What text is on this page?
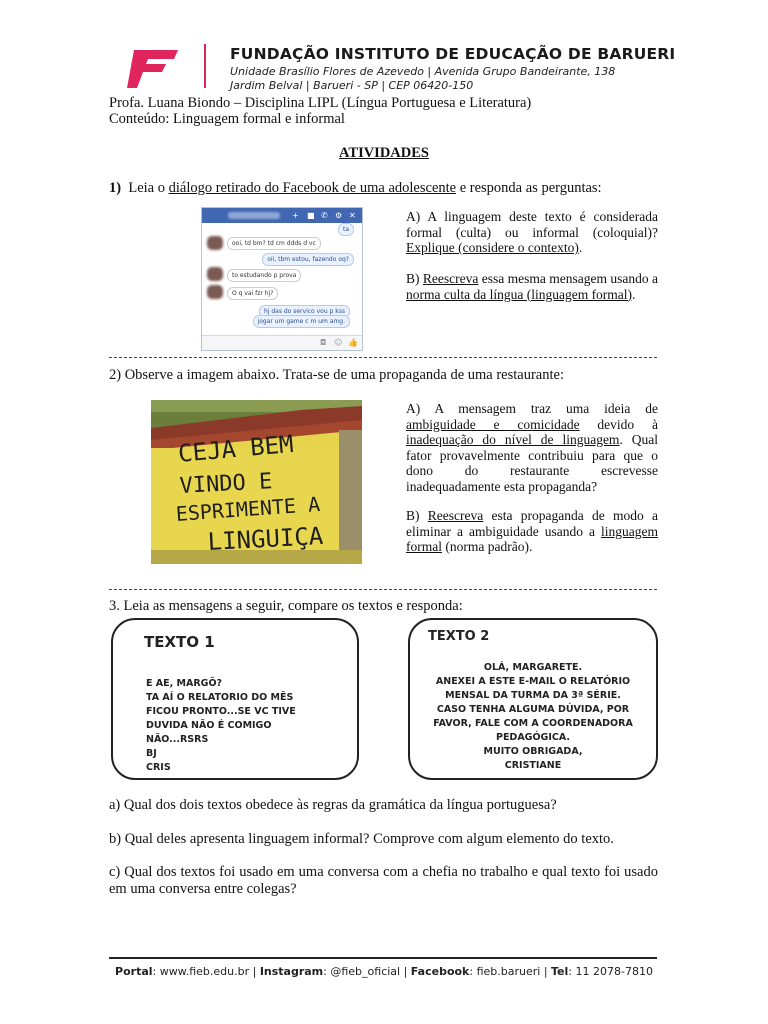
FUNDAÇÃO INSTITUTO DE EDUCAÇÃO DE BARUERI
Unidade Brasílio Flores de Azevedo | Avenida Grupo Bandeirante, 138
Jardim Belval | Barueri - SP | CEP 06420-150
Profa. Luana Biondo – Disciplina LIPL (Língua Portuguesa e Literatura)
Conteúdo: Linguagem formal e informal
ATIVIDADES
1)  Leia o diálogo retirado do Facebook de uma adolescente e responda as perguntas:
+ ■ ✆ ⚙ ✕
ta
ooi, td bm? td cm ddds d vc
oii, tbm estou, fazendo oq?
to estudando p prova
O q vai fzr hj?
hj das do servico vou p kss
jogar um game c m um amg.
◘ ☺ 👍
A) A linguagem deste texto é considerada formal (culta) ou informal (coloquial)? Explique (considere o contexto).
B) Reescreva essa mesma mensagem usando a norma culta da língua (linguagem formal).
2) Observe a imagem abaixo. Trata-se de uma propaganda de uma restaurante:
CEJA BEM
VINDO E
ESPRIMENTE A
LINGUIÇA
A) A mensagem traz uma ideia de ambiguidade e comicidade devido à inadequação do nível de linguagem. Qual fator provavelmente contribuiu para que o dono do restaurante escrevesse inadequadamente esta propaganda?
B) Reescreva esta propaganda de modo a eliminar a ambiguidade usando a linguagem formal (norma padrão).
3. Leia as mensagens a seguir, compare os textos e responda:
TEXTO 1
E AE, MARGÔ?
TA AÍ O RELATORIO DO MÊS
FICOU PRONTO...SE VC TIVE
DUVIDA NÃO É COMIGO
NÃO...RSRS
BJ
CRIS
TEXTO 2
OLÁ, MARGARETE.
ANEXEI A ESTE E-MAIL O RELATÓRIO
MENSAL DA TURMA DA 3ª SÉRIE.
CASO TENHA ALGUMA DÚVIDA, POR
FAVOR, FALE COM A COORDENADORA
PEDAGÓGICA.
MUITO OBRIGADA,
CRISTIANE
a) Qual dos dois textos obedece às regras da gramática da língua portuguesa?
b) Qual deles apresenta linguagem informal? Comprove com algum elemento do texto.
c) Qual dos textos foi usado em uma conversa com a chefia no trabalho e qual texto foi usado em uma conversa entre colegas?
Portal: www.fieb.edu.br | Instagram: @fieb_oficial | Facebook: fieb.barueri | Tel: 11 2078-7810
